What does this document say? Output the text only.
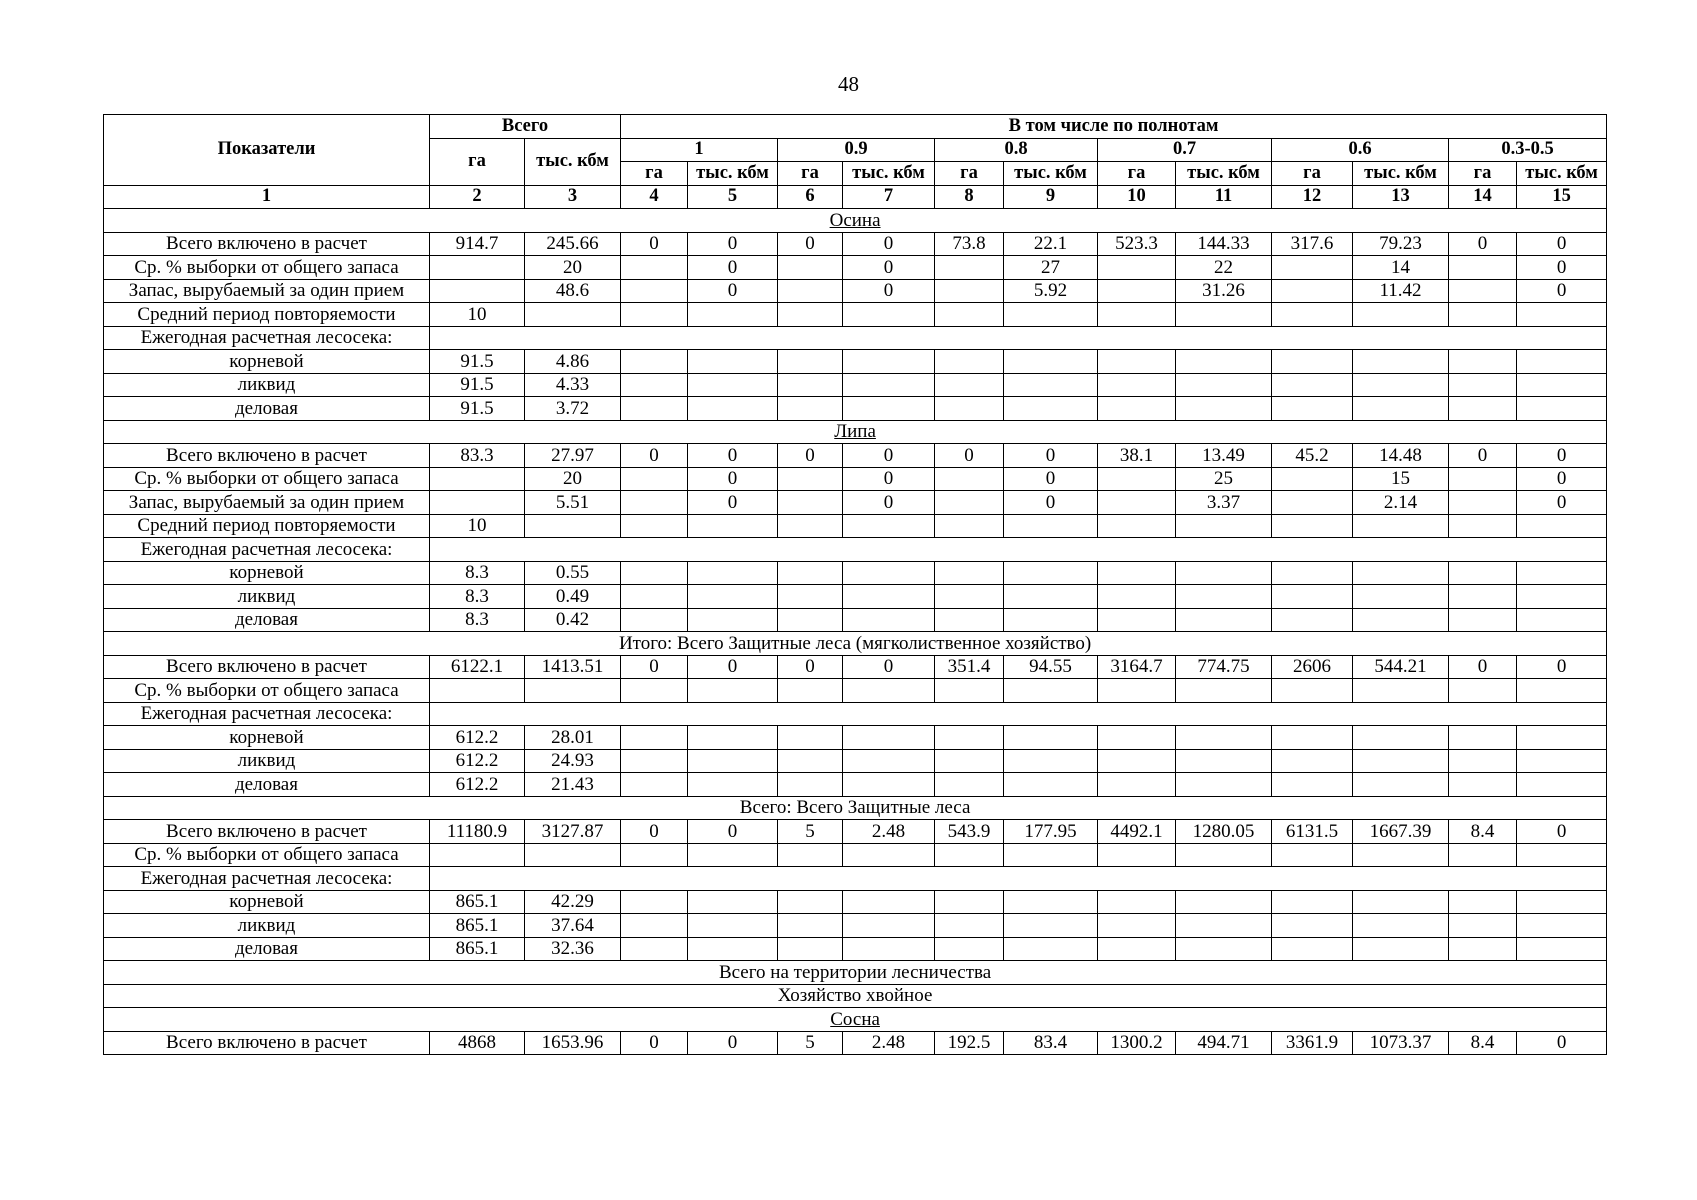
48
Показатели	Всего		В том числе по полнотам											
	га	тыс. кбм	1		0.9		0.8		0.7		0.6		0.3-0.5	
			га	тыс. кбм	га	тыс. кбм	га	тыс. кбм	га	тыс. кбм	га	тыс. кбм	га	тыс. кбм
1	2	3	4	5	6	7	8	9	10	11	12	13	14	15
Осина														
Всего включено в расчет	914.7	245.66	0	0	0	0	73.8	22.1	523.3	144.33	317.6	79.23	0	0
Ср. % выборки от общего запаса		20		0		0		27		22		14		0
Запас, вырубаемый за один прием		48.6		0		0		5.92		31.26		11.42		0
Средний период повторяемости	10													
Ежегодная расчетная лесосека:														
корневой	91.5	4.86												
ликвид	91.5	4.33												
деловая	91.5	3.72												
Липа														
Всего включено в расчет	83.3	27.97	0	0	0	0	0	0	38.1	13.49	45.2	14.48	0	0
Ср. % выборки от общего запаса		20		0		0		0		25		15		0
Запас, вырубаемый за один прием		5.51		0		0		0		3.37		2.14		0
Средний период повторяемости	10													
Ежегодная расчетная лесосека:														
корневой	8.3	0.55												
ликвид	8.3	0.49												
деловая	8.3	0.42												
Итого: Всего Защитные леса (мягколиственное хозяйство)														
Всего включено в расчет	6122.1	1413.51	0	0	0	0	351.4	94.55	3164.7	774.75	2606	544.21	0	0
Ср. % выборки от общего запаса														
Ежегодная расчетная лесосека:														
корневой	612.2	28.01												
ликвид	612.2	24.93												
деловая	612.2	21.43												
Всего: Всего Защитные леса														
Всего включено в расчет	11180.9	3127.87	0	0	5	2.48	543.9	177.95	4492.1	1280.05	6131.5	1667.39	8.4	0
Ср. % выборки от общего запаса														
Ежегодная расчетная лесосека:														
корневой	865.1	42.29												
ликвид	865.1	37.64												
деловая	865.1	32.36												
Всего на территории лесничества														
Хозяйство хвойное														
Сосна														
Всего включено в расчет	4868	1653.96	0	0	5	2.48	192.5	83.4	1300.2	494.71	3361.9	1073.37	8.4	0
